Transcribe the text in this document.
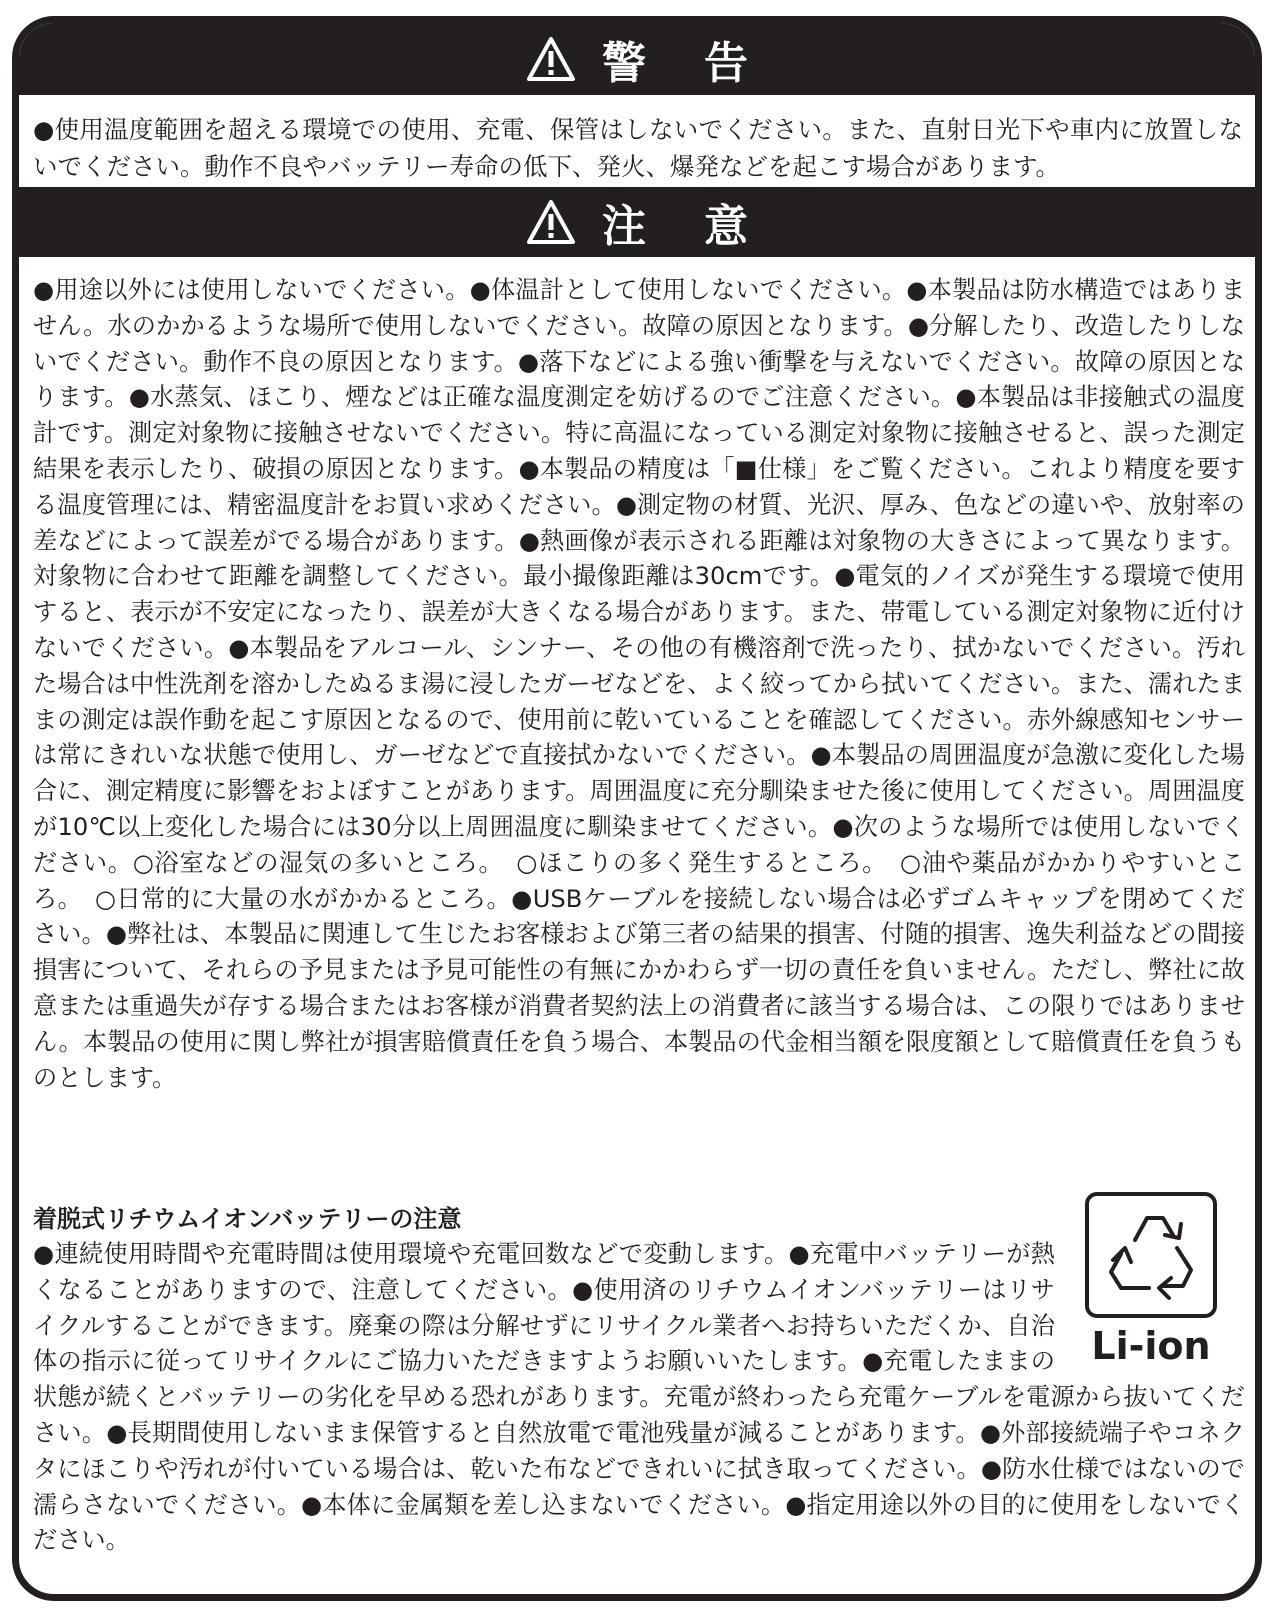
警告

●使用温度範囲を超える環境での使用、充電、保管はしないでください。また、直射日光下や車内に放置しないでください。動作不良やバッテリー寿命の低下、発火、爆発などを起こす場合があります。

注意

●用途以外には使用しないでください。●体温計として使用しないでください。●本製品は防水構造ではありません。水のかかるような場所で使用しないでください。故障の原因となります。●分解したり、改造したりしないでください。動作不良の原因となります。●落下などによる強い衝撃を与えないでください。故障の原因となります。●水蒸気、ほこり、煙などは正確な温度測定を妨げるのでご注意ください。●本製品は非接触式の温度計です。測定対象物に接触させないでください。特に高温になっている測定対象物に接触させると、誤った測定結果を表示したり、破損の原因となります。●本製品の精度は「■仕様」をご覧ください。これより精度を要する温度管理には、精密温度計をお買い求めください。●測定物の材質、光沢、厚み、色などの違いや、放射率の差などによって誤差がでる場合があります。●熱画像が表示される距離は対象物の大きさによって異なります。対象物に合わせて距離を調整してください。最小撮像距離は30cmです。●電気的ノイズが発生する環境で使用すると、表示が不安定になったり、誤差が大きくなる場合があります。また、帯電している測定対象物に近付けないでください。●本製品をアルコール、シンナー、その他の有機溶剤で洗ったり、拭かないでください。汚れた場合は中性洗剤を溶かしたぬるま湯に浸したガーゼなどを、よく絞ってから拭いてください。また、濡れたままの測定は誤作動を起こす原因となるので、使用前に乾いていることを確認してください。赤外線感知センサーは常にきれいな状態で使用し、ガーゼなどで直接拭かないでください。●本製品の周囲温度が急激に変化した場合に、測定精度に影響をおよぼすことがあります。周囲温度に充分馴染ませた後に使用してください。周囲温度が10℃以上変化した場合には30分以上周囲温度に馴染ませてください。●次のような場所では使用しないでください。○浴室などの湿気の多いところ。　○ほこりの多く発生するところ。　○油や薬品がかかりやすいところ。　○日常的に大量の水がかかるところ。●USBケーブルを接続しない場合は必ずゴムキャップを閉めてください。●弊社は、本製品に関連して生じたお客様および第三者の結果的損害、付随的損害、逸失利益などの間接損害について、それらの予見または予見可能性の有無にかかわらず一切の責任を負いません。ただし、弊社に故意または重過失が存する場合またはお客様が消費者契約法上の消費者に該当する場合は、この限りではありません。本製品の使用に関し弊社が損害賠償責任を負う場合、本製品の代金相当額を限度額として賠償責任を負うものとします。

着脱式リチウムイオンバッテリーの注意
Li-ion
●連続使用時間や充電時間は使用環境や充電回数などで変動します。●充電中バッテリーが熱くなることがありますので、注意してください。●使用済のリチウムイオンバッテリーはリサイクルすることができます。廃棄の際は分解せずにリサイクル業者へお持ちいただくか、自治体の指示に従ってリサイクルにご協力いただきますようお願いいたします。●充電したままの状態が続くとバッテリーの劣化を早める恐れがあります。充電が終わったら充電ケーブルを電源から抜いてください。●長期間使用しないまま保管すると自然放電で電池残量が減ることがあります。●外部接続端子やコネクタにほこりや汚れが付いている場合は、乾いた布などできれいに拭き取ってください。●防水仕様ではないので濡らさないでください。●本体に金属類を差し込まないでください。●指定用途以外の目的に使用をしないでください。
